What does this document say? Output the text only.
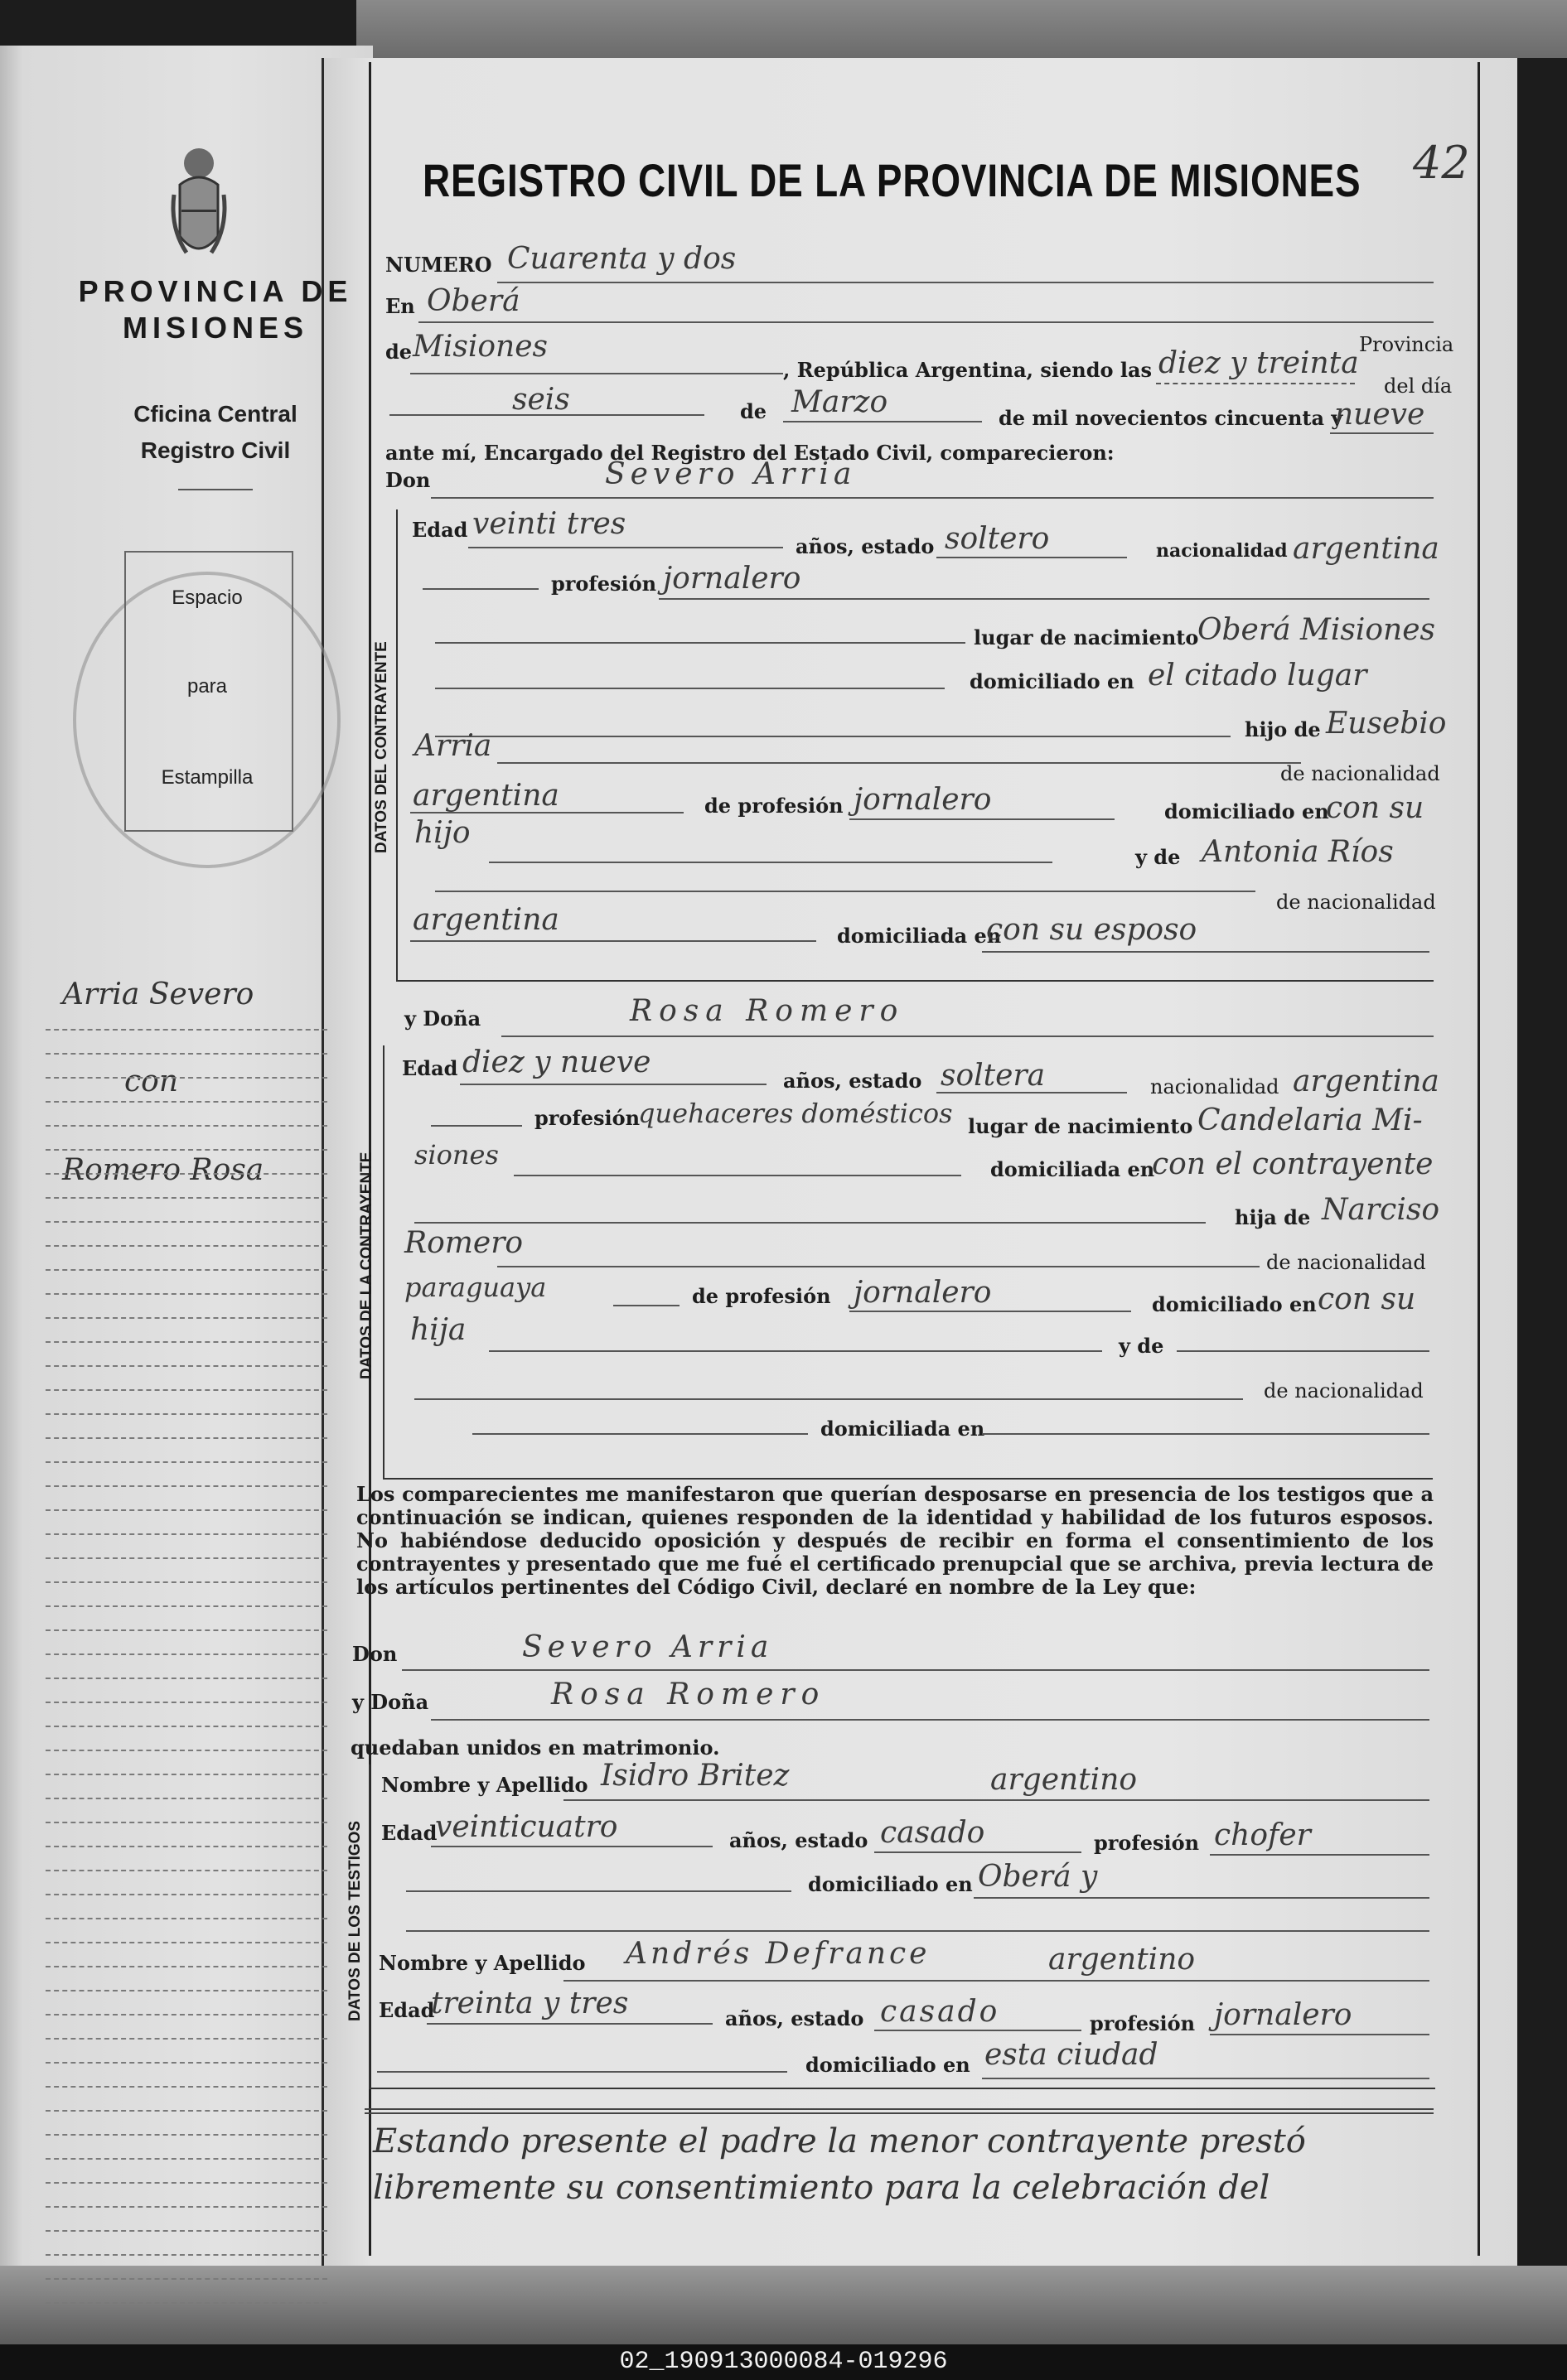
PROVINCIA DE MISIONES
Cficina Central
Registro Civil
Espacio
para
Estampilla
Arria Severo
con
Romero Rosa
42
REGISTRO CIVIL DE LA PROVINCIA DE MISIONES
NUMERO Cuarenta y dos
En Oberá
Provincia
de Misiones
, República Argentina, siendo las diez y treinta
del día
seis	de Marzo	de mil novecientos cincuenta y
nueve
ante mí, Encargado del Registro del Estado Civil, comparecieron:
Don	Severo Arria
DATOS DEL CONTRAYENTE
Edad veinti tres
años, estado soltero	nacionalidad argentina
profesión jornalero
lugar de nacimiento
Oberá Misiones
domiciliado en el citado lugar
hijo de Eusebio
Arria
de nacionalidad
argentina	de profesión jornalero	domiciliado en
con su
hijo
y de Antonia Ríos
de nacionalidad
argentina	domiciliada en
con su esposo
y Doña	Rosa Romero
DATOS DE LA CONTRAYENTE
Edad diez y nueve
años, estado soltera	nacionalidad argentina
profesión
quehaceres domésticos lugar de nacimiento Candelaria Mi-
siones	domiciliada en
con el contrayente
hija de Narciso
Romero
de nacionalidad
paraguaya	de profesión jornalero	domiciliado en con su
hija	y de
de nacionalidad
domiciliada en
Los comparecientes me manifestaron que querían desposarse en presencia de los testigos que a continuación se indican, quienes responden de la identidad y habilidad de los futuros esposos. No habiéndose deducido oposición y después de recibir en forma el consentimiento de los contrayentes y presentado que me fué el certificado prenupcial que se archiva, previa lectura de los artículos pertinentes del Código Civil, declaré en nombre de la Ley que:
Don	Severo Arria
y Doña	Rosa Romero
quedaban unidos en matrimonio.
DATOS DE LOS TESTIGOS
Nombre y Apellido Isidro Britez	argentino
Edad
veinticuatro	años, estado casado	profesión chofer
domiciliado en Oberá y
Nombre y Apellido Andrés Defrance	argentino
Edad
treinta y tres	años, estado casado	profesión jornalero
domiciliado en esta ciudad
Estando presente el padre la menor contrayente prestó
libremente su consentimiento para la celebración del
02_190913000084-019296
